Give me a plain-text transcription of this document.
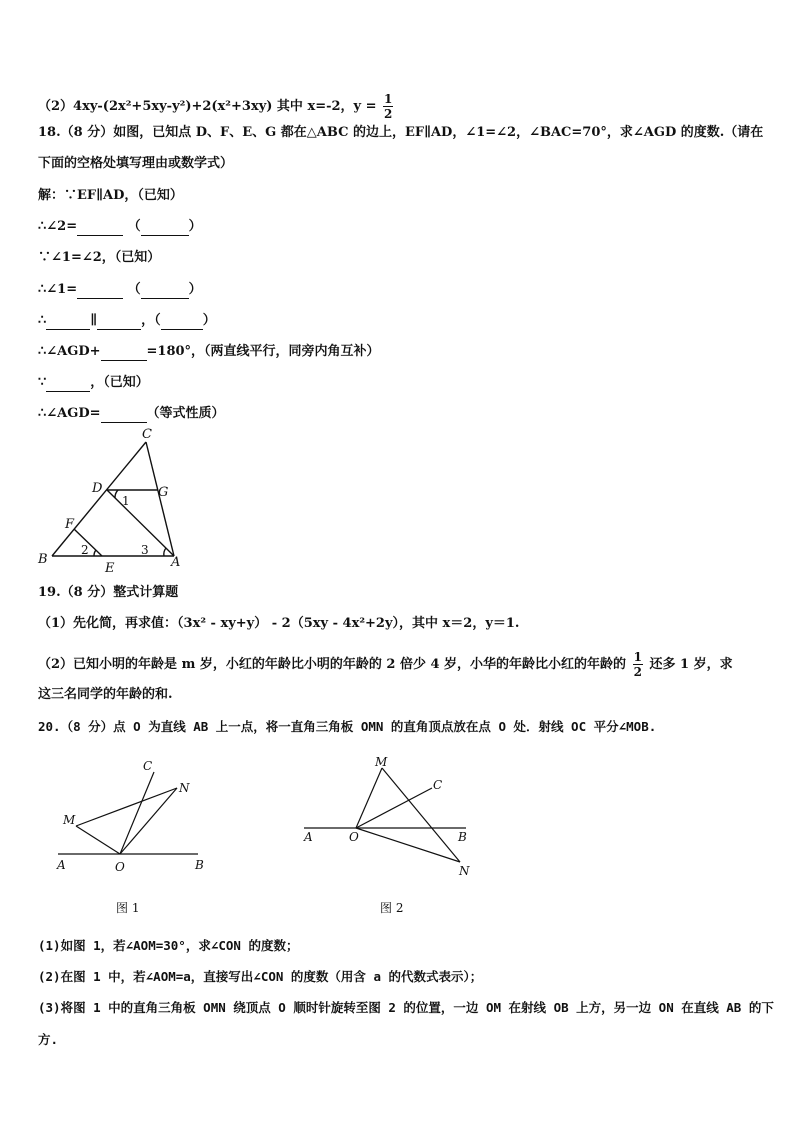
（2）4xy-(2x²+5xy-y²)+2(x²+3xy) 其中 x=-2，$y = \frac{1}{2}$
18.（8 分）如图，已知点 D、F、E、G 都在△ABC 的边上，EF∥AD，∠1=∠2，∠BAC=70°，求∠AGD 的度数.（请在
下面的空格处填写理由或数学式）
解：∵EF∥AD，（已知）
∴∠2=	（	）
∵∠1=∠2，（已知）
∴∠1=	（	）
∴	∥	，（	）
∴∠AGD+	=180°，（两直线平行，同旁内角互补）
∵	，（已知）
∴∠AGD=	（等式性质）
C
D	G
F
B
E	A
1
2	3
19.（8 分）整式计算题
（1）先化简，再求值：（3x² - xy+y） - 2（5xy - 4x²+2y），其中 x＝2，y＝1.
（2）已知小明的年龄是 m 岁，小红的年龄比小明的年龄的 2 倍少 4 岁，小华的年龄比小红的年龄的 $\frac{1}{2}$ 还多 1 岁，求
这三名同学的年龄的和.
20.（8 分）点 O 为直线 AB 上一点，将一直角三角板 OMN 的直角顶点放在点 O 处．射线 OC 平分∠MOB.
C
N
M
A	O	B
图 1
M
C
A	O	B
N
图 2
(1)如图 1，若∠AOM=30°，求∠CON 的度数；
(2)在图 1 中，若∠AOM=a，直接写出∠CON 的度数（用含 a 的代数式表示）；
(3)将图 1 中的直角三角板 OMN 绕顶点 O 顺时针旋转至图 2 的位置，一边 OM 在射线 OB 上方，另一边 ON 在直线 AB 的下
方.
